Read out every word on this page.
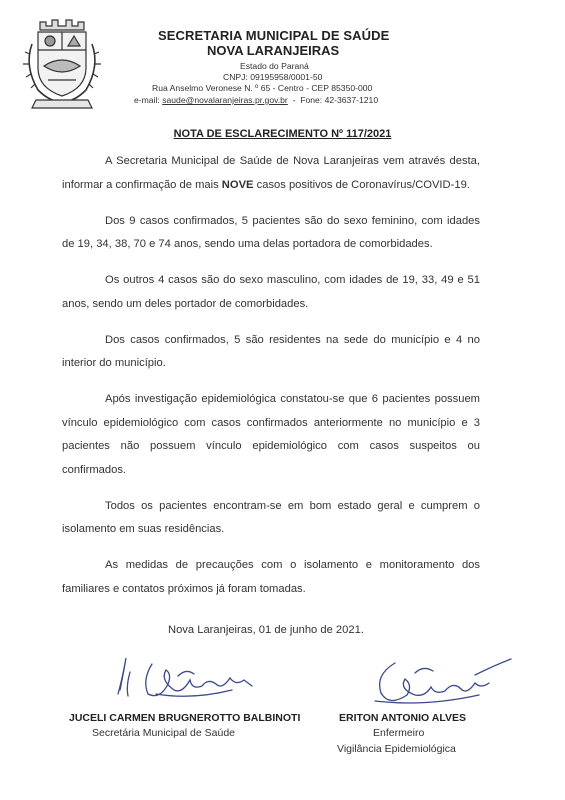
SECRETARIA MUNICIPAL DE SAÚDE
NOVA LARANJEIRAS
Estado do Paraná
CNPJ: 09195958/0001-50
Rua Anselmo Veronese N. º 65 - Centro - CEP 85350-000
e-mail: saude@novalaranjeiras.pr.gov.br  -  Fone: 42-3637-1210
NOTA DE ESCLARECIMENTO Nº 117/2021

A Secretaria Municipal de Saúde de Nova Laranjeiras vem através desta, informar a confirmação de mais NOVE casos positivos de Coronavírus/COVID-19.

Dos 9 casos confirmados, 5 pacientes são do sexo feminino, com idades de 19, 34, 38, 70 e 74 anos, sendo uma delas portadora de comorbidades.

Os outros 4 casos são do sexo masculino, com idades de 19, 33, 49 e 51 anos, sendo um deles portador de comorbidades.

Dos casos confirmados, 5 são residentes na sede do município e 4 no interior do município.

Após investigação epidemiológica constatou-se que 6 pacientes possuem vínculo epidemiológico com casos confirmados anteriormente no município e 3 pacientes não possuem vínculo epidemiológico com casos suspeitos ou confirmados.

Todos os pacientes encontram-se em bom estado geral e cumprem o isolamento em suas residências.

As medidas de precauções com o isolamento e monitoramento dos familiares e contatos próximos já foram tomadas.

Nova Laranjeiras, 01 de junho de 2021.
JUCELI CARMEN BRUGNEROTTO BALBINOTI
Secretária Municipal de Saúde
ERITON ANTONIO ALVES
Enfermeiro
Vigilância Epidemiológica
